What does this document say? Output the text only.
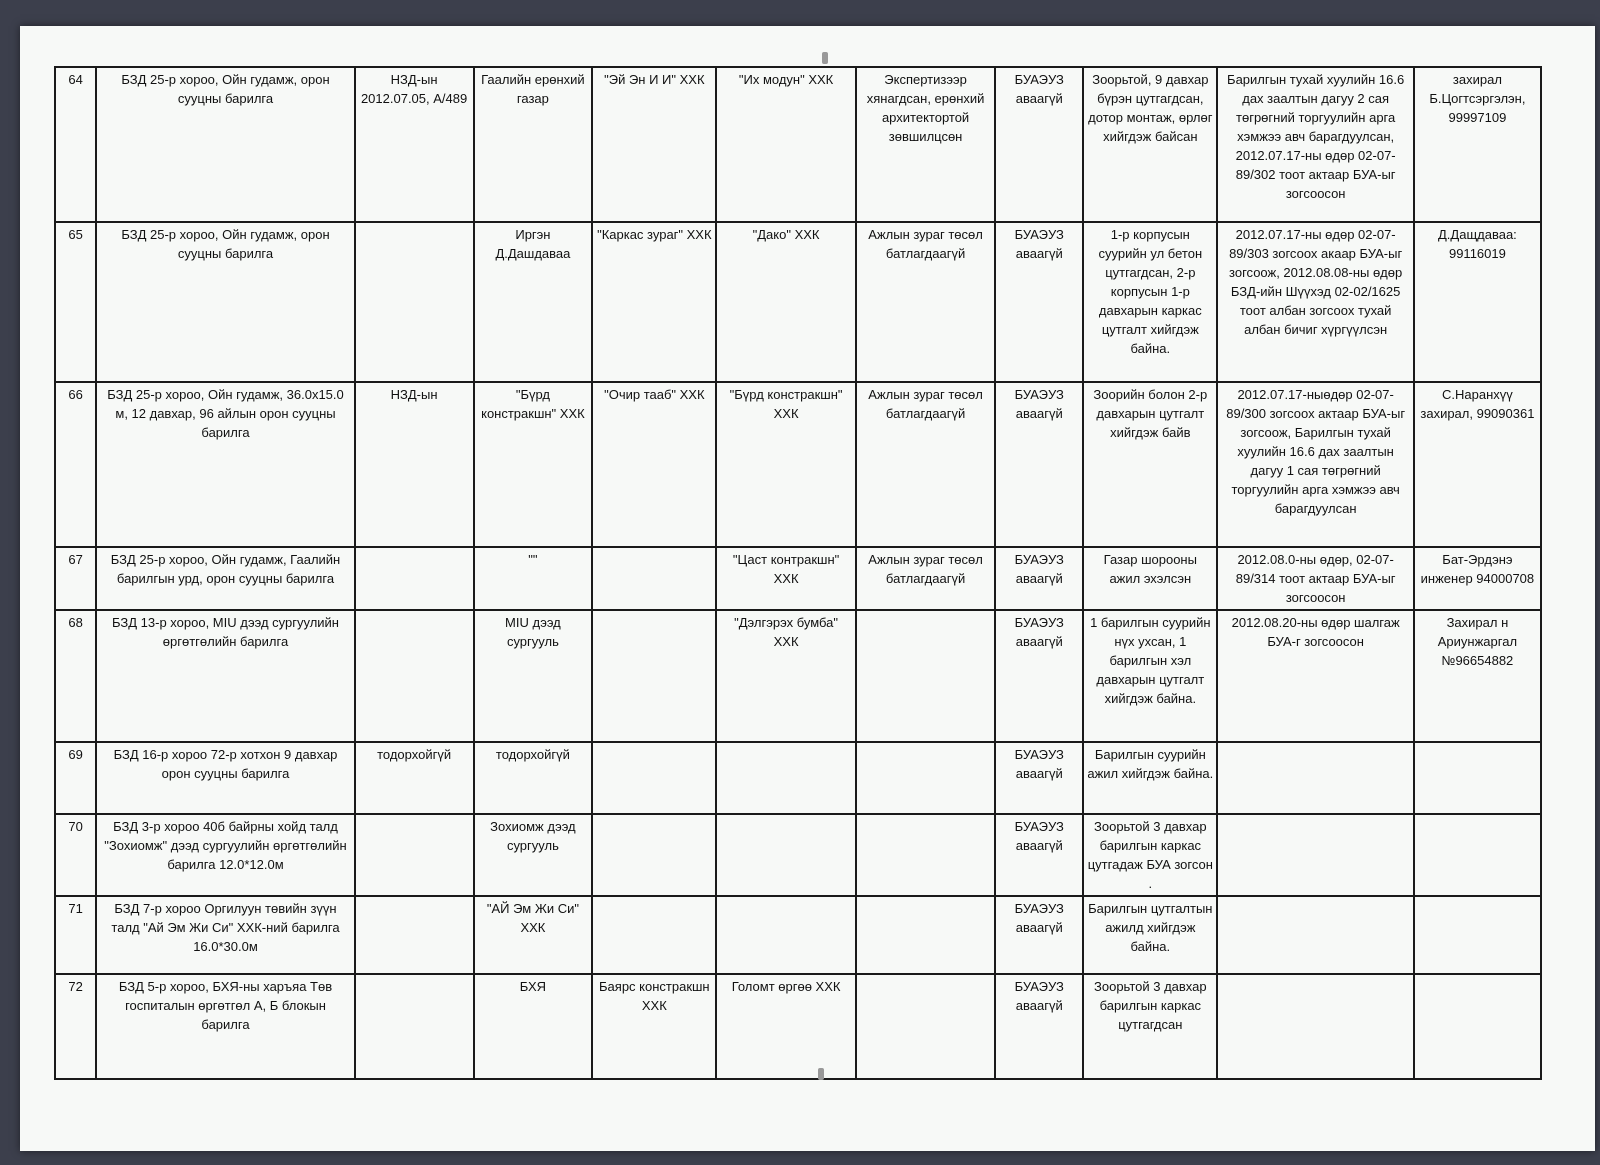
64	БЗД 25-р хороо, Ойн гудамж, орон сууцны барилга	НЗД-ын 2012.07.05, А/489	Гаалийн ерөнхий газар	"Эй Эн И И" ХХК	"Их модун" ХХК	Экспертизээр хянагдсан, ерөнхий архитектортой зөвшилцсөн	БУАЭУЗ аваагүй	Зоорьтой, 9 давхар бүрэн цутгагдсан, дотор монтаж, өрлөг хийгдэж байсан	Барилгын тухай хуулийн 16.6 дах заалтын дагуу 2 сая төгрөгний торгуулийн арга хэмжээ авч барагдуулсан, 2012.07.17-ны өдөр 02-07-89/302 тоот актаар БУА-ыг зогсоосон	захирал Б.Цогтсэргэлэн, 99997109
65	БЗД 25-р хороо, Ойн гудамж, орон сууцны барилга		Иргэн Д.Дашдаваа	"Каркас зураг" ХХК	"Дако" ХХК	Ажлын зураг төсөл батлагдаагүй	БУАЭУЗ аваагүй	1-р корпусын суурийн ул бетон цутгагдсан, 2-р корпусын 1-р давхарын каркас цутгалт хийгдэж байна.	2012.07.17-ны өдөр 02-07-89/303 зогсоох акаар БУА-ыг зогсоож, 2012.08.08-ны өдөр БЗД-ийн Шүүхэд 02-02/1625 тоот албан зогсоох тухай албан бичиг хүргүүлсэн	Д.Дащдаваа: 99116019
66	БЗД 25-р хороо, Ойн гудамж, 36.0х15.0 м, 12 давхар, 96 айлын орон сууцны барилга	НЗД-ын	"Бүрд констракшн" ХХК	"Очир тааб" ХХК	"Бүрд констракшн" ХХК	Ажлын зураг төсөл батлагдаагүй	БУАЭУЗ аваагүй	Зоорийн болон 2-р давхарын цутгалт хийгдэж байв	2012.07.17-ныөдөр 02-07-89/300 зогсоох актаар БУА-ыг зогсоож, Барилгын тухай хуулийн 16.6 дах заалтын дагуу 1 сая төгрөгний торгуулийн арга хэмжээ авч барагдуулсан	С.Наранхүү захирал, 99090361
67	БЗД 25-р хороо, Ойн гудамж, Гаалийн барилгын урд, орон сууцны барилга		""		"Цаст контракшн" ХХК	Ажлын зураг төсөл батлагдаагүй	БУАЭУЗ аваагүй	Газар шорооны ажил эхэлсэн	2012.08.0-ны өдөр, 02-07-89/314 тоот актаар БУА-ыг зогсоосон	Бат-Эрдэнэ инженер 94000708
68	БЗД 13-р хороо, MIU дээд сургуулийн өргөтгөлийн барилга		MIU дээд сургууль		"Дэлгэрэх бумба" ХХК		БУАЭУЗ аваагүй	1 барилгын суурийн нүх ухсан, 1 барилгын хэл давхарын цутгалт хийгдэж байна.	2012.08.20-ны өдөр шалгаж БУА-г зогсоосон	Захирал н Ариунжаргал №96654882
69	БЗД 16-р хороо 72-р хотхон 9 давхар орон сууцны барилга	тодорхойгүй	тодорхойгүй				БУАЭУЗ аваагүй	Барилгын суурийн ажил хийгдэж байна.		
70	БЗД 3-р хороо 40б байрны хойд талд "Зохиомж" дээд сургуулийн өргөтгөлийн барилга 12.0*12.0м		Зохиомж дээд сургууль				БУАЭУЗ аваагүй	Зоорьтой 3 давхар барилгын каркас цутгадаж БУА зогсон .		
71	БЗД 7-р хороо Оргилуун төвийн зүүн талд "Ай Эм Жи Си" ХХК-ний барилга 16.0*30.0м		"АЙ Эм Жи Си" ХХК				БУАЭУЗ аваагүй	Барилгын цутгалтын ажилд хийгдэж байна.		
72	БЗД 5-р хороо, БХЯ-ны харъяа Төв госпиталын өргөтгөл А, Б блокын барилга		БХЯ	Баярс констракшн ХХК	Голомт өргөө ХХК		БУАЭУЗ аваагүй	Зоорьтой 3 давхар барилгын каркас цутгагдсан		
